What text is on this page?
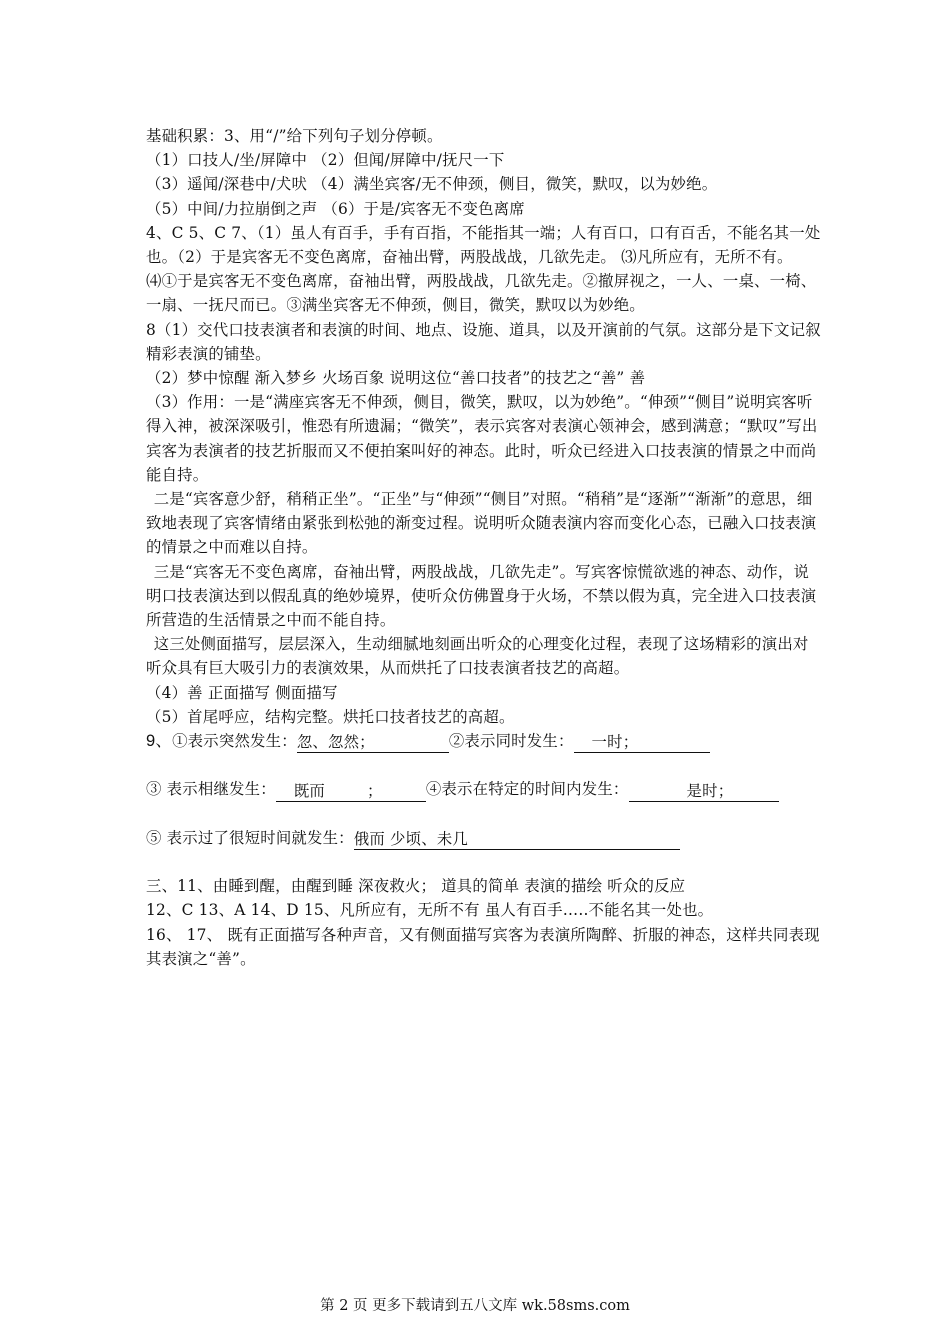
基础积累：3、用“/”给下列句子划分停顿。

（1）口技人/坐/屏障中 （2）但闻/屏障中/抚尺一下

（3）遥闻/深巷中/犬吠 （4）满坐宾客/无不伸颈，侧目，微笑，默叹，以为妙绝。

（5）中间/力拉崩倒之声 （6）于是/宾客无不变色离席

4、C 5、C 7、（1）虽人有百手，手有百指，不能指其一端；人有百口，口有百舌，不能名其一处也。（2）于是宾客无不变色离席，奋袖出臂，两股战战，几欲先走。 ⑶凡所应有，无所不有。 ⑷①于是宾客无不变色离席，奋袖出臂，两股战战，几欲先走。②撤屏视之，一人、一桌、一椅、一扇、一抚尺而已。③满坐宾客无不伸颈，侧目，微笑，默叹以为妙绝。

8（1）交代口技表演者和表演的时间、地点、设施、道具，以及开演前的气氛。这部分是下文记叙精彩表演的铺垫。

（2）梦中惊醒 渐入梦乡 火场百象 说明这位“善口技者”的技艺之“善” 善

（3）作用：一是“满座宾客无不伸颈，侧目，微笑，默叹，以为妙绝”。“伸颈”“侧目”说明宾客听得入神，被深深吸引，惟恐有所遗漏；“微笑”，表示宾客对表演心领神会，感到满意；“默叹”写出宾客为表演者的技艺折服而又不便拍案叫好的神态。此时，听众已经进入口技表演的情景之中而尚能自持。

二是“宾客意少舒，稍稍正坐”。“正坐”与“伸颈”“侧目”对照。“稍稍”是“逐渐”“渐渐”的意思，细致地表现了宾客情绪由紧张到松弛的渐变过程。说明听众随表演内容而变化心态，已融入口技表演的情景之中而难以自持。

三是“宾客无不变色离席，奋袖出臂，两股战战，几欲先走”。写宾客惊慌欲逃的神态、动作，说明口技表演达到以假乱真的绝妙境界，使听众仿佛置身于火场，不禁以假为真，完全进入口技表演所营造的生活情景之中而不能自持。

这三处侧面描写，层层深入，生动细腻地刻画出听众的心理变化过程，表现了这场精彩的演出对听众具有巨大吸引力的表演效果，从而烘托了口技表演者技艺的高超。

（4）善 正面描写 侧面描写

（5）首尾呼应，结构完整。烘托口技者技艺的高超。

9、 ①表示突然发生： 忽、忽然；	②表示同时发生：	一时；
③ 表示相继发生：	既而	；	④表示在特定的时间内发生：	是时；
⑤ 表示过了很短时间就发生： 俄而 少顷、未几

三、11、由睡到醒，由醒到睡 深夜救火； 道具的简单 表演的描绘 听众的反应

12、C 13、A 14、D 15、凡所应有，无所不有 虽人有百手…..不能名其一处也。

16、 17、 既有正面描写各种声音，又有侧面描写宾客为表演所陶醉、折服的神态，这样共同表现其表演之“善”。

第 2 页 更多下载请到五八文库 wk.58sms.com
